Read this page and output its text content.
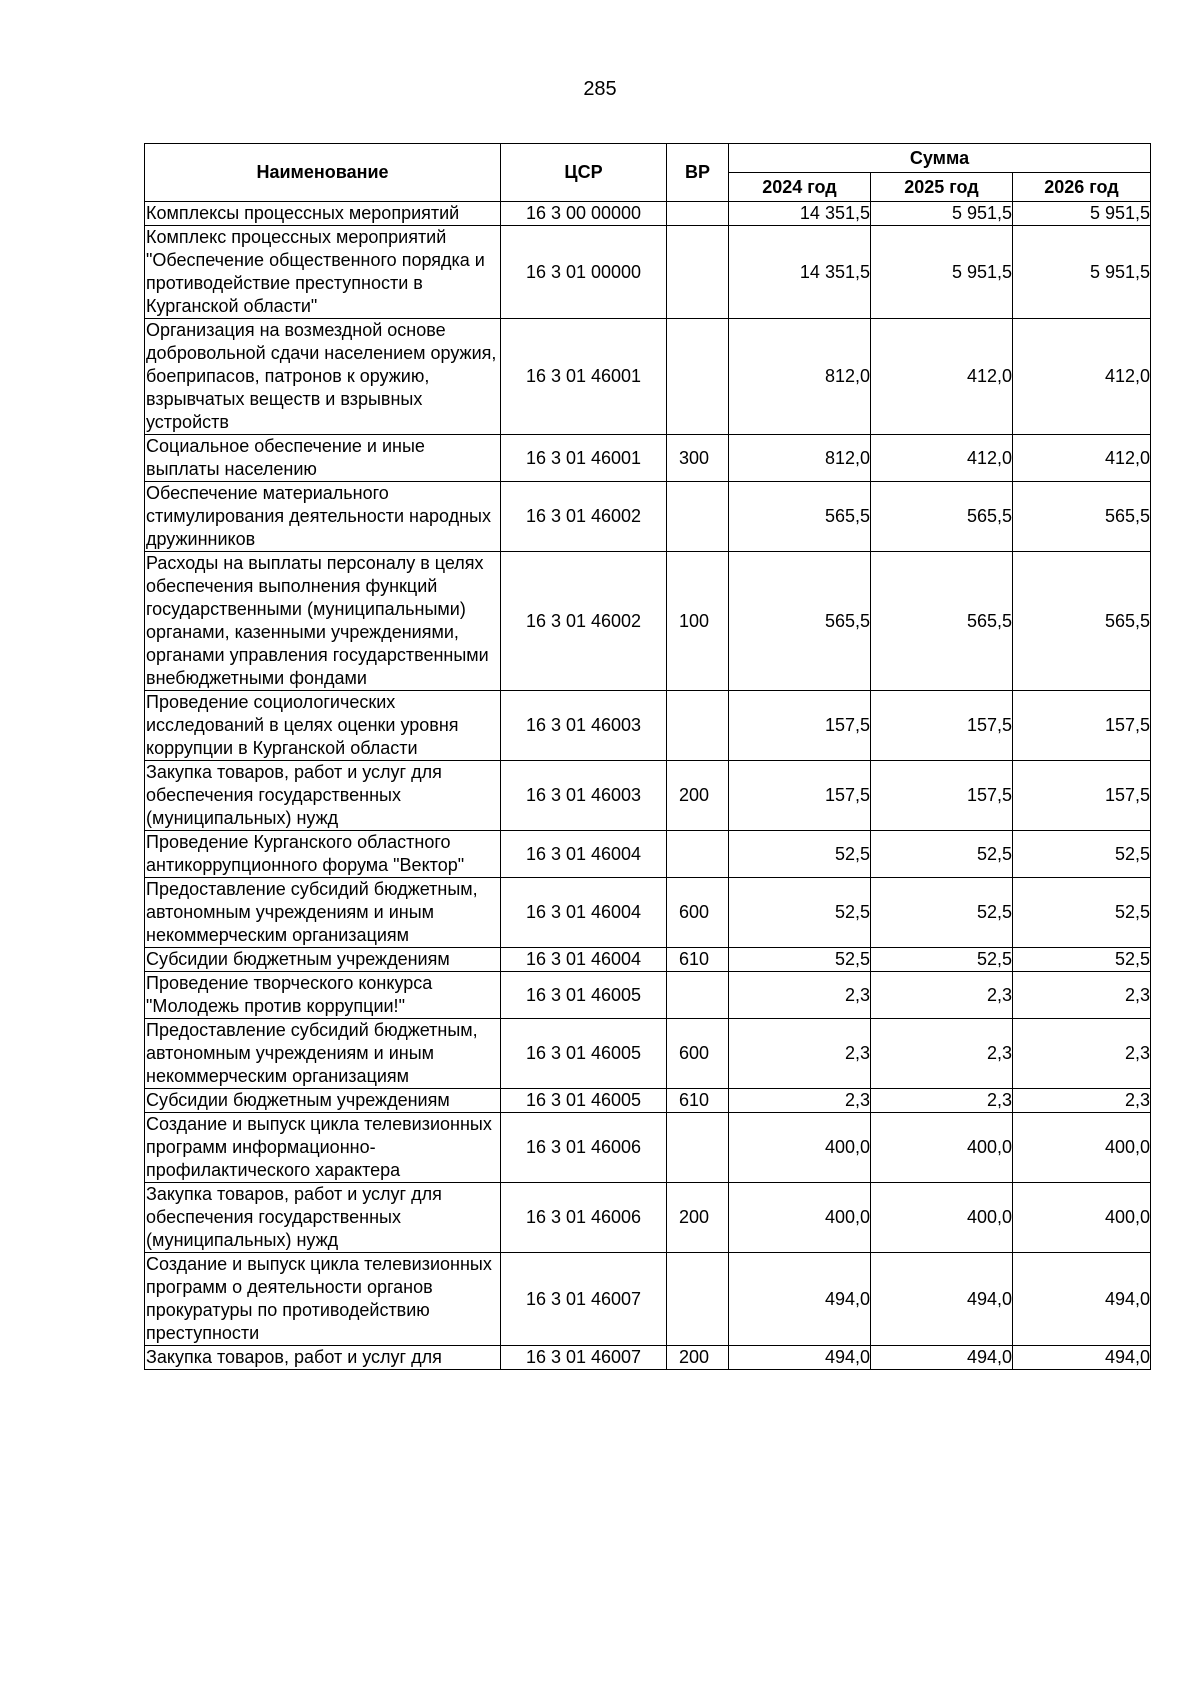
285
Наименование	ЦСР	ВР	Сумма		
			2024 год	2025 год	2026 год
Комплексы процессных мероприятий	16 3 00 00000		14 351,5	5 951,5	5 951,5
Комплекс процессных мероприятий "Обеспечение общественного порядка и противодействие преступности в Курганской области"	16 3 01 00000		14 351,5	5 951,5	5 951,5
Организация на возмездной основе добровольной сдачи населением оружия, боеприпасов, патронов к оружию, взрывчатых веществ и взрывных устройств	16 3 01 46001		812,0	412,0	412,0
Социальное обеспечение и иные выплаты населению	16 3 01 46001	300	812,0	412,0	412,0
Обеспечение материального стимулирования деятельности народных дружинников	16 3 01 46002		565,5	565,5	565,5
Расходы на выплаты персоналу в целях обеспечения выполнения функций государственными (муниципальными) органами, казенными учреждениями, органами управления государственными внебюджетными фондами	16 3 01 46002	100	565,5	565,5	565,5
Проведение социологических исследований в целях оценки уровня коррупции в Курганской области	16 3 01 46003		157,5	157,5	157,5
Закупка товаров, работ и услуг для обеспечения государственных (муниципальных) нужд	16 3 01 46003	200	157,5	157,5	157,5
Проведение Курганского областного антикоррупционного форума "Вектор"	16 3 01 46004		52,5	52,5	52,5
Предоставление субсидий бюджетным, автономным учреждениям и иным некоммерческим организациям	16 3 01 46004	600	52,5	52,5	52,5
Субсидии бюджетным учреждениям	16 3 01 46004	610	52,5	52,5	52,5
Проведение творческого конкурса "Молодежь против коррупции!"	16 3 01 46005		2,3	2,3	2,3
Предоставление субсидий бюджетным, автономным учреждениям и иным некоммерческим организациям	16 3 01 46005	600	2,3	2,3	2,3
Субсидии бюджетным учреждениям	16 3 01 46005	610	2,3	2,3	2,3
Создание и выпуск цикла телевизионных программ информационно-профилактического характера	16 3 01 46006		400,0	400,0	400,0
Закупка товаров, работ и услуг для обеспечения государственных (муниципальных) нужд	16 3 01 46006	200	400,0	400,0	400,0
Создание и выпуск цикла телевизионных программ о деятельности органов прокуратуры по противодействию преступности	16 3 01 46007		494,0	494,0	494,0
Закупка товаров, работ и услуг для	16 3 01 46007	200	494,0	494,0	494,0
